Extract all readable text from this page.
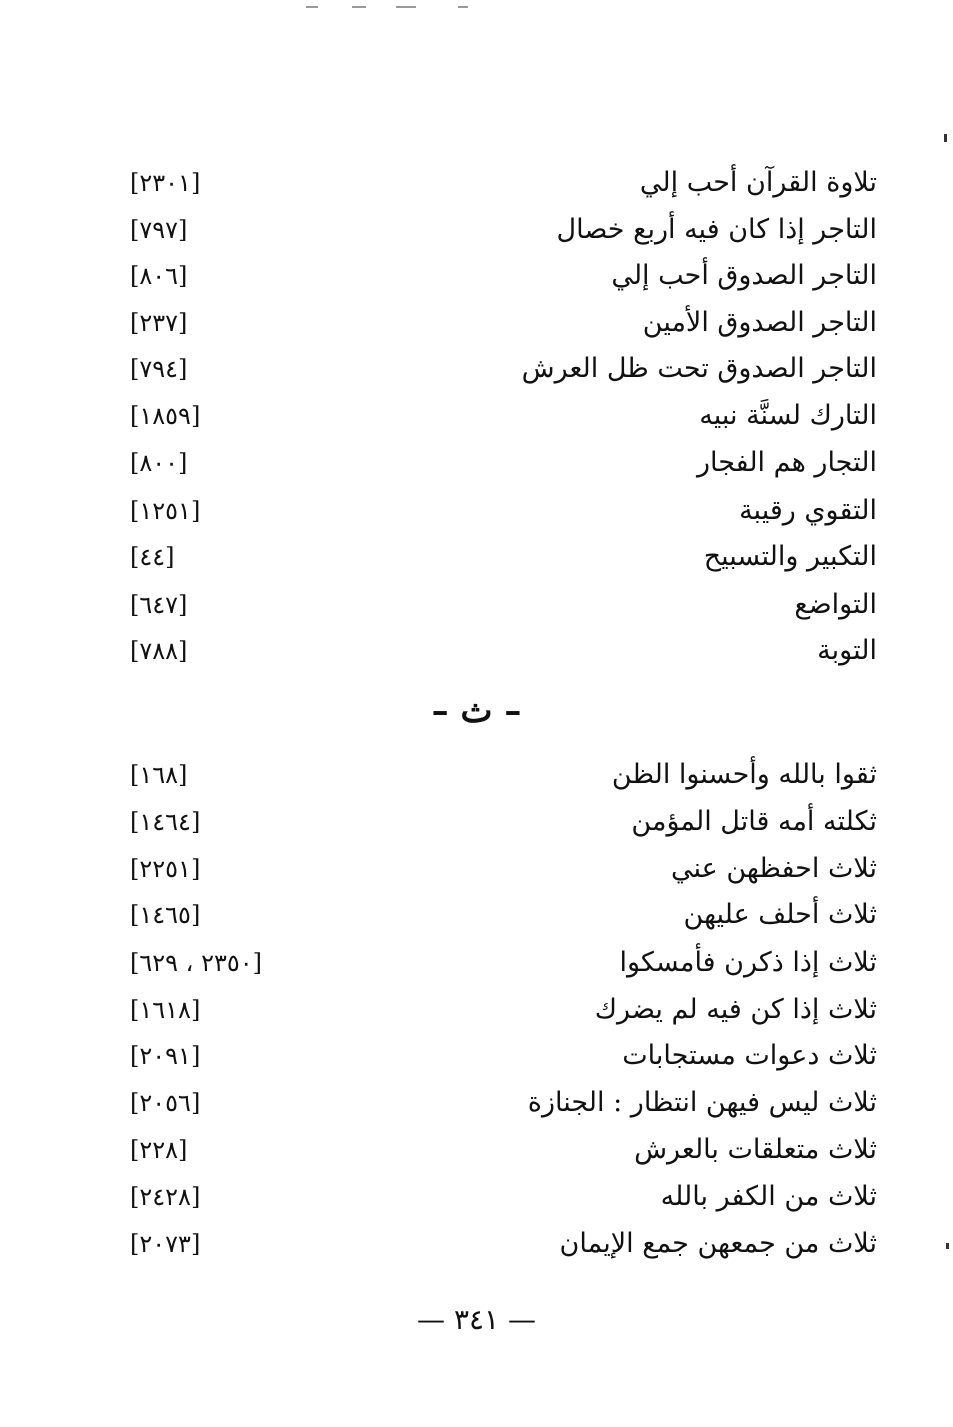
تلاوة القرآن أحب إلي
[٢٣٠١]
التاجر إذا كان فيه أربع خصال
[٧٩٧]
التاجر الصدوق أحب إلي
[٨٠٦]
التاجر الصدوق الأمين
[٢٣٧]
التاجر الصدوق تحت ظل العرش
[٧٩٤]
التارك لسنَّة نبيه
[١٨٥٩]
التجار هم الفجار
[٨٠٠]
التقوي رقيبة
[١٢٥١]
التكبير والتسبيح
[٤٤]
التواضع
[٦٤٧]
التوبة
[٧٨٨]
– ث –
ثقوا بالله وأحسنوا الظن
[١٦٨]
ثكلته أمه قاتل المؤمن
[١٤٦٤]
ثلاث احفظهن عني
[٢٢٥١]
ثلاث أحلف عليهن
[١٤٦٥]
ثلاث إذا ذكرن فأمسكوا
[٢٣٥٠ ، ٦٢٩]
ثلاث إذا كن فيه لم يضرك
[١٦١٨]
ثلاث دعوات مستجابات
[٢٠٩١]
ثلاث ليس فيهن انتظار : الجنازة
[٢٠٥٦]
ثلاث متعلقات بالعرش
[٢٢٨]
ثلاث من الكفر بالله
[٢٤٢٨]
ثلاث من جمعهن جمع الإيمان
[٢٠٧٣]
— ٣٤١ —
